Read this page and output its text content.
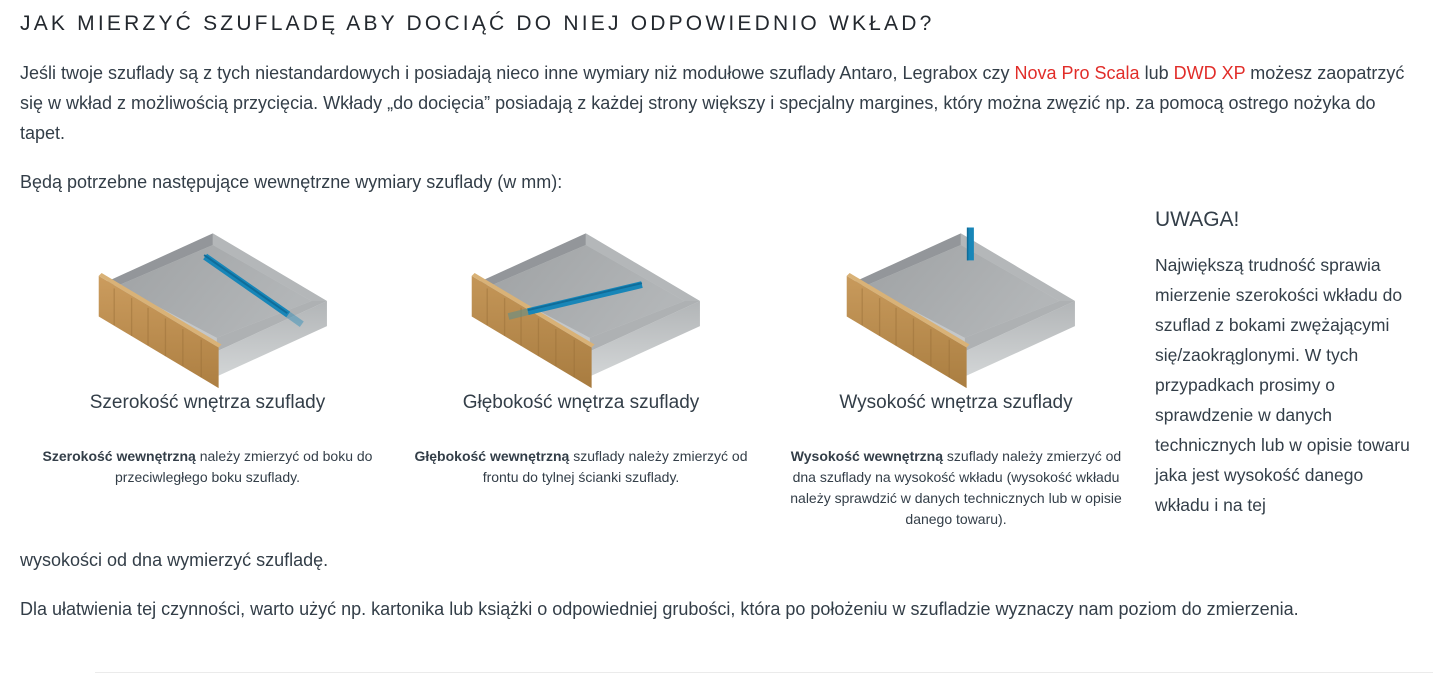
JAK MIERZYĆ SZUFLADĘ ABY DOCIĄĆ DO NIEJ ODPOWIEDNIO WKŁAD?

Jeśli twoje szuflady są z tych niestandardowych i posiadają nieco inne wymiary niż modułowe szuflady Antaro, Legrabox czy Nova Pro Scala lub DWD XP możesz zaopatrzyć się w wkład z możliwością przycięcia. Wkłady „do docięcia” posiadają z każdej strony większy i specjalny margines, który można zwęzić np. za pomocą ostrego nożyka do tapet.

Będą potrzebne następujące wewnętrzne wymiary szuflady (w mm):

Szerokość wnętrza szuflady

Szerokość wewnętrzną należy zmierzyć od boku do przeciwległego boku szuflady.

Głębokość wnętrza szuflady

Głębokość wewnętrzną szuflady należy zmierzyć od frontu do tylnej ścianki szuflady.

Wysokość wnętrza szuflady

Wysokość wewnętrzną szuflady należy zmierzyć od dna szuflady na wysokość wkładu (wysokość wkładu należy sprawdzić w danych technicznych lub w opisie danego towaru).

UWAGA!
Największą trudność sprawia mierzenie szerokości wkładu do szuflad z bokami zwężającymi się/zaokrąglonymi. W tych przypadkach prosimy o sprawdzenie w danych technicznych lub w opisie towaru jaka jest wysokość danego wkładu i na tej

wysokości od dna wymierzyć szufladę.

Dla ułatwienia tej czynności, warto użyć np. kartonika lub książki o odpowiedniej grubości, która po położeniu w szufladzie wyznaczy nam poziom do zmierzenia.
